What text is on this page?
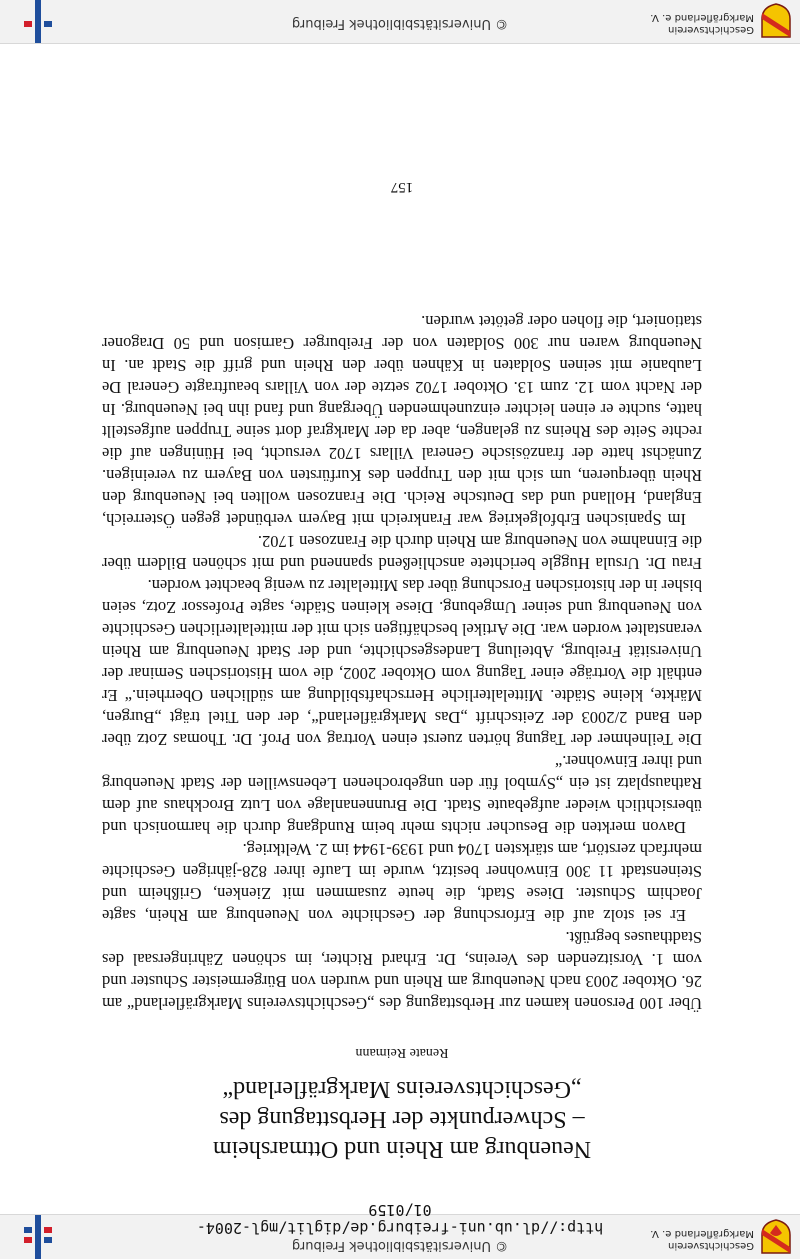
Geschichtsverein Markgräflerland e. V.
© Universitätsbibliothek Freiburg
http://dl.ub.uni-freiburg.de/diglit/mgl-2004-01/0159
Neuenburg am Rhein und Ottmarsheim
– Schwerpunkte der Herbsttagung des
„Geschichtsvereins Markgräflerland“
Renate Reimann

Über 100 Personen kamen zur Herbsttagung des „Geschichtsvereins Markgräflerland“ am 26. Oktober 2003 nach Neuenburg am Rhein und wurden von Bürgermeister Schuster und vom 1. Vorsitzenden des Vereins, Dr. Erhard Richter, im schönen Zähringersaal des Stadthauses begrüßt.

Er sei stolz auf die Erforschung der Geschichte von Neuenburg am Rhein, sagte Joachim Schuster. Diese Stadt, die heute zusammen mit Zienken, Grißheim und Steinenstadt 11 300 Einwohner besitzt, wurde im Laufe ihrer 828-jährigen Geschichte mehrfach zerstört, am stärksten 1704 und 1939-1944 im 2. Weltkrieg.

Davon merkten die Besucher nichts mehr beim Rundgang durch die harmonisch und übersichtlich wieder aufgebaute Stadt. Die Brunnenanlage von Lutz Brockhaus auf dem Rathausplatz ist ein „Symbol für den ungebrochenen Lebenswillen der Stadt Neuenburg und ihrer Einwohner.“

Die Teilnehmer der Tagung hörten zuerst einen Vortrag von Prof. Dr. Thomas Zotz über den Band 2/2003 der Zeitschrift „Das Markgräflerland“, der den Titel trägt „Burgen, Märkte, kleine Städte. Mittelalterliche Herrschaftsbildung am südlichen Oberrhein.“ Er enthält die Vorträge einer Tagung vom Oktober 2002, die vom Historischen Seminar der Universität Freiburg, Abteilung Landesgeschichte, und der Stadt Neuenburg am Rhein veranstaltet worden war. Die Artikel beschäftigen sich mit der mittelalterlichen Geschichte von Neuenburg und seiner Umgebung. Diese kleinen Städte, sagte Professor Zotz, seien bisher in der historischen Forschung über das Mittelalter zu wenig beachtet worden.

Frau Dr. Ursula Huggle berichtete anschließend spannend und mit schönen Bildern über die Einnahme von Neuenburg am Rhein durch die Franzosen 1702.

Im Spanischen Erbfolgekrieg war Frankreich mit Bayern verbündet gegen Österreich, England, Holland und das Deutsche Reich. Die Franzosen wollten bei Neuenburg den Rhein überqueren, um sich mit den Truppen des Kurfürsten von Bayern zu vereinigen. Zunächst hatte der französische General Villars 1702 versucht, bei Hüningen auf die rechte Seite des Rheins zu gelangen, aber da der Markgraf dort seine Truppen aufgestellt hatte, suchte er einen leichter einzunehmenden Übergang und fand ihn bei Neuenburg. In der Nacht vom 12. zum 13. Oktober 1702 setzte der von Villars beauftragte General De Laubanie mit seinen Soldaten in Kähnen über den Rhein und griff die Stadt an. In Neuenburg waren nur 300 Soldaten von der Freiburger Garnison und 50 Dragoner stationiert, die flohen oder getötet wurden.

157
Geschichtsverein Markgräflerland e. V.
© Universitätsbibliothek Freiburg
